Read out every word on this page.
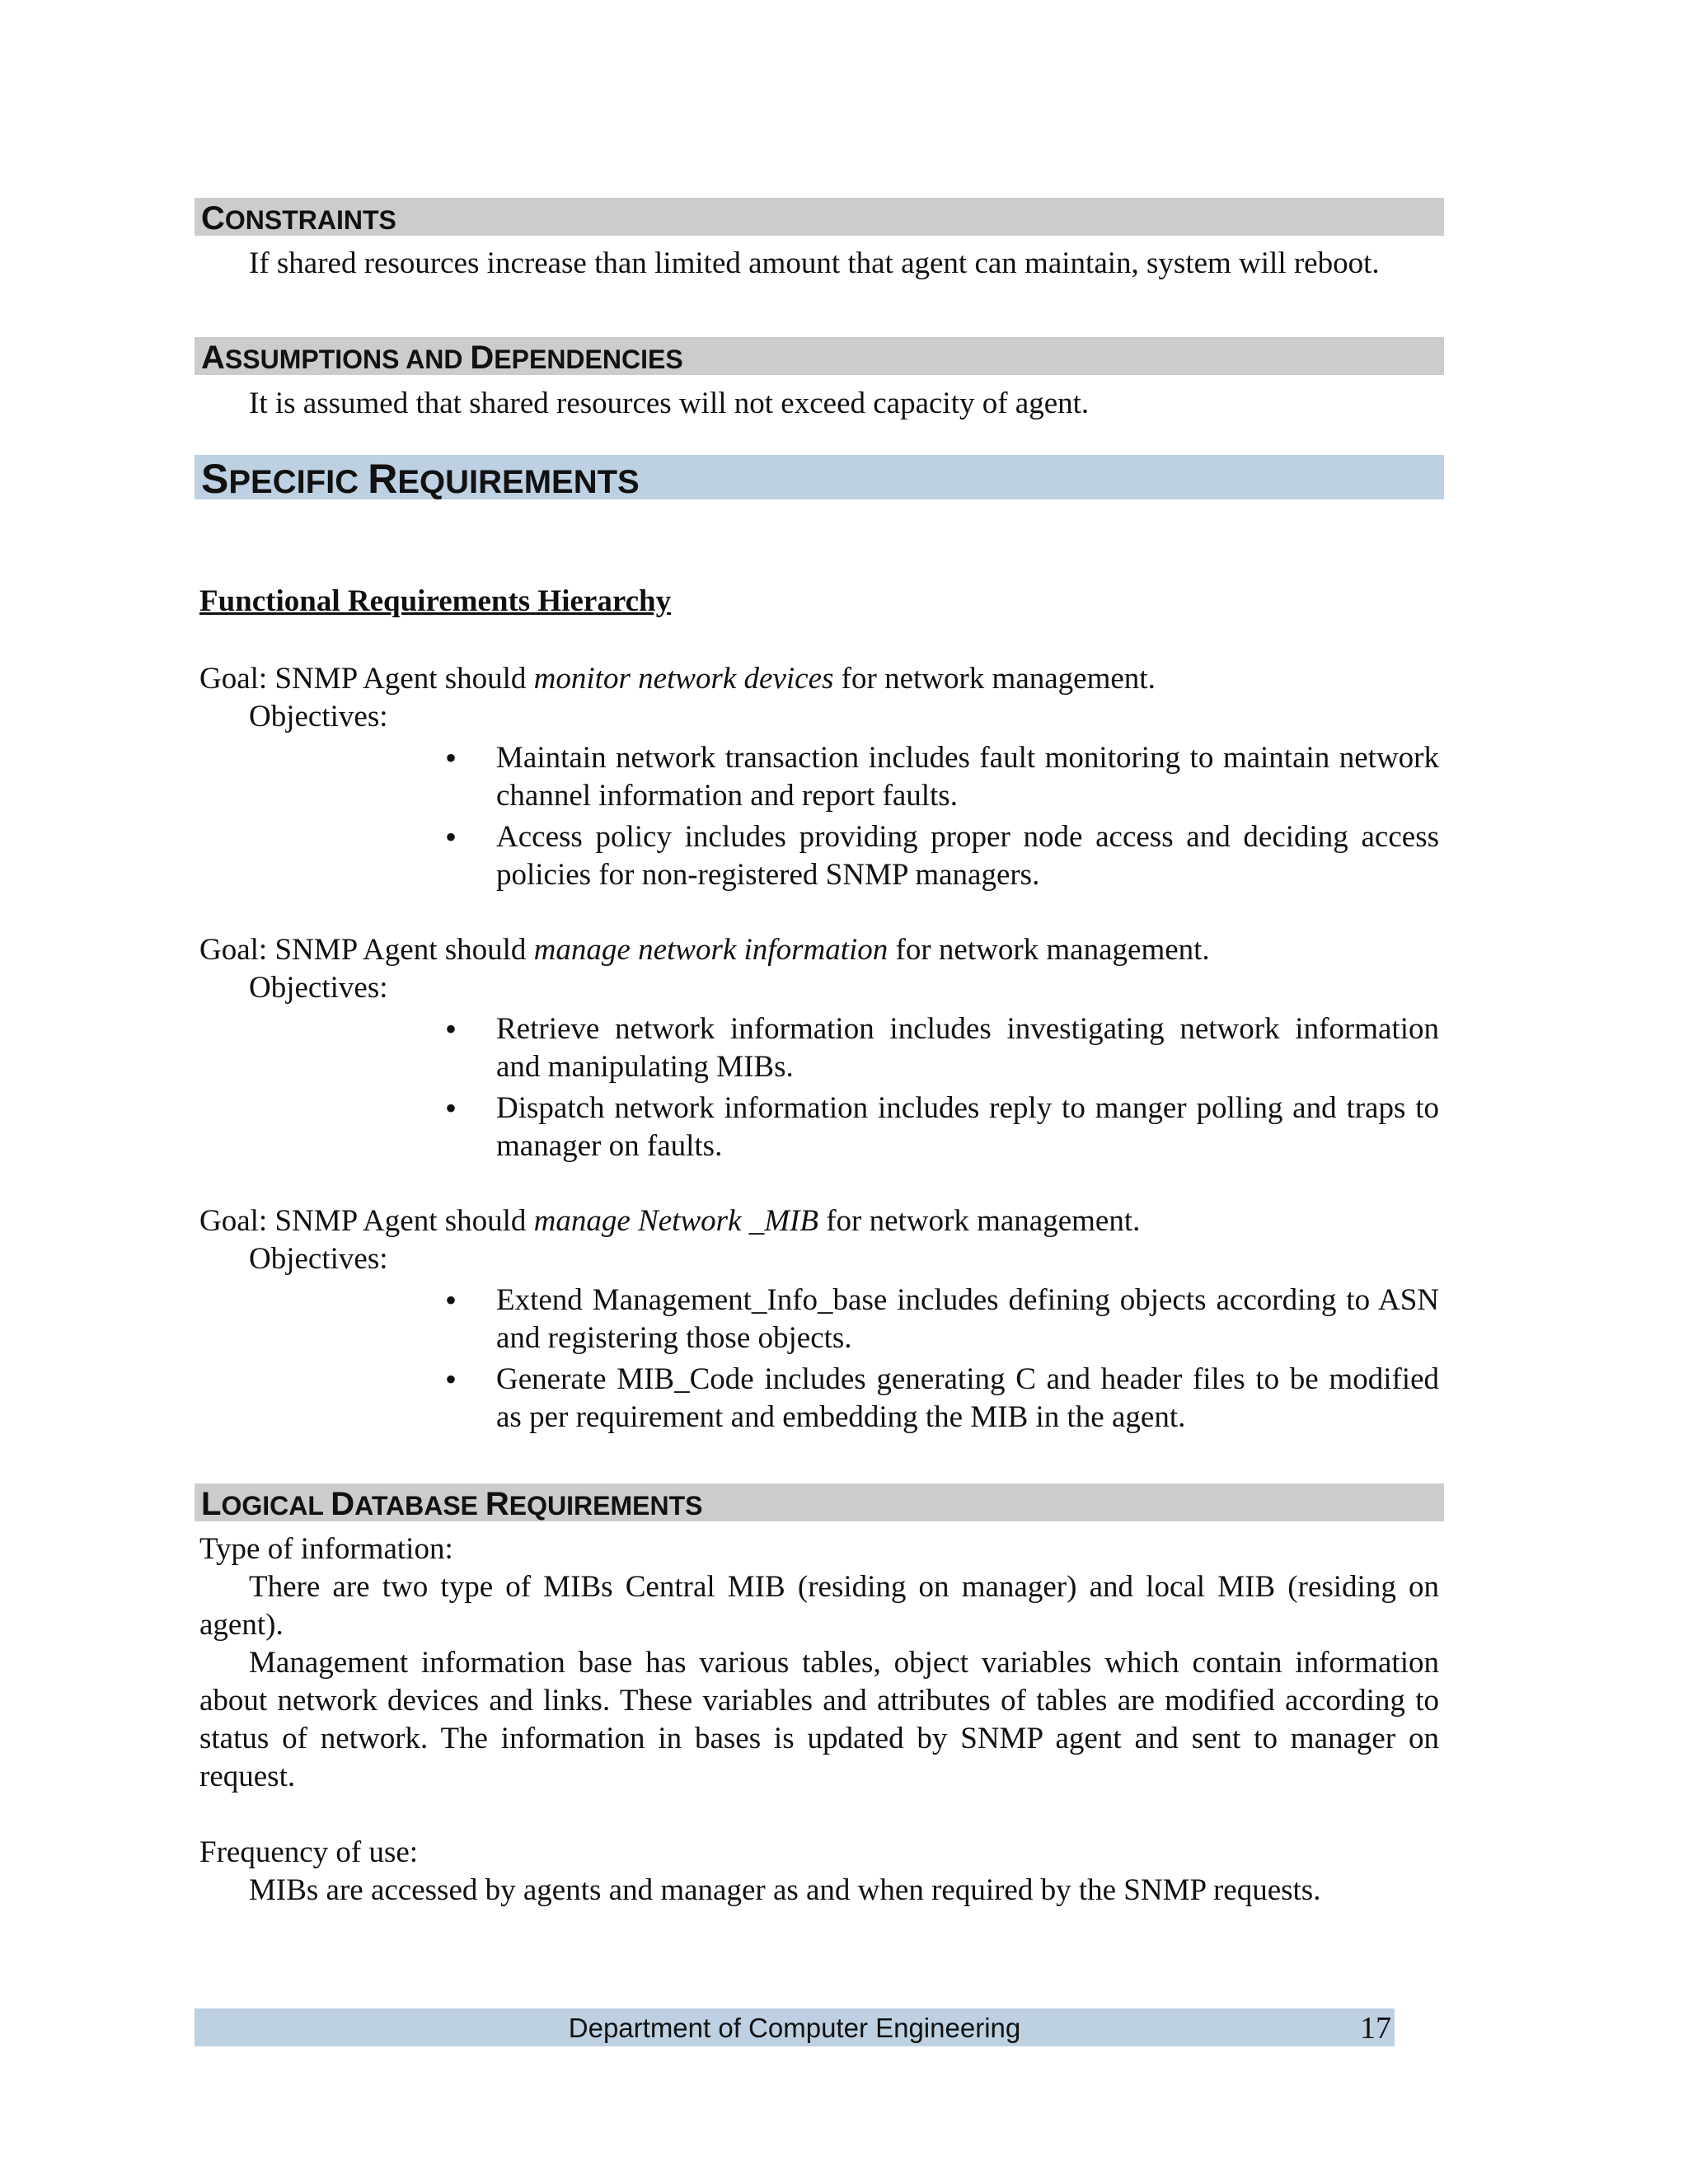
CONSTRAINTS

If shared resources increase than limited amount that agent can maintain, system will reboot.

ASSUMPTIONS AND DEPENDENCIES

It is assumed that shared resources will not exceed capacity of agent.

SPECIFIC REQUIREMENTS

Functional Requirements Hierarchy

Goal: SNMP Agent should monitor network devices for network management.

Objectives:

• Maintain network transaction includes fault monitoring to maintain network channel information and report faults.
• Access policy includes providing proper node access and deciding access policies for non-registered SNMP managers.

Goal: SNMP Agent should manage network information for network management.

Objectives:

• Retrieve network information includes investigating network information and manipulating MIBs.
• Dispatch network information includes reply to manger polling and traps to manager on faults.

Goal: SNMP Agent should manage Network _MIB for network management.

Objectives:

• Extend Management_Info_base includes defining objects according to ASN and registering those objects.
• Generate MIB_Code includes generating C and header files to be modified as per requirement and embedding the MIB in the agent.
LOGICAL DATABASE REQUIREMENTS

Type of information:

There are two type of MIBs Central MIB (residing on manager) and local MIB (residing on agent).

Management information base has various tables, object variables which contain information about network devices and links. These variables and attributes of tables are modified according to status of network. The information in bases is updated by SNMP agent and sent to manager on request.

Frequency of use:

MIBs are accessed by agents and manager as and when required by the SNMP requests.

Department of Computer Engineering	17
